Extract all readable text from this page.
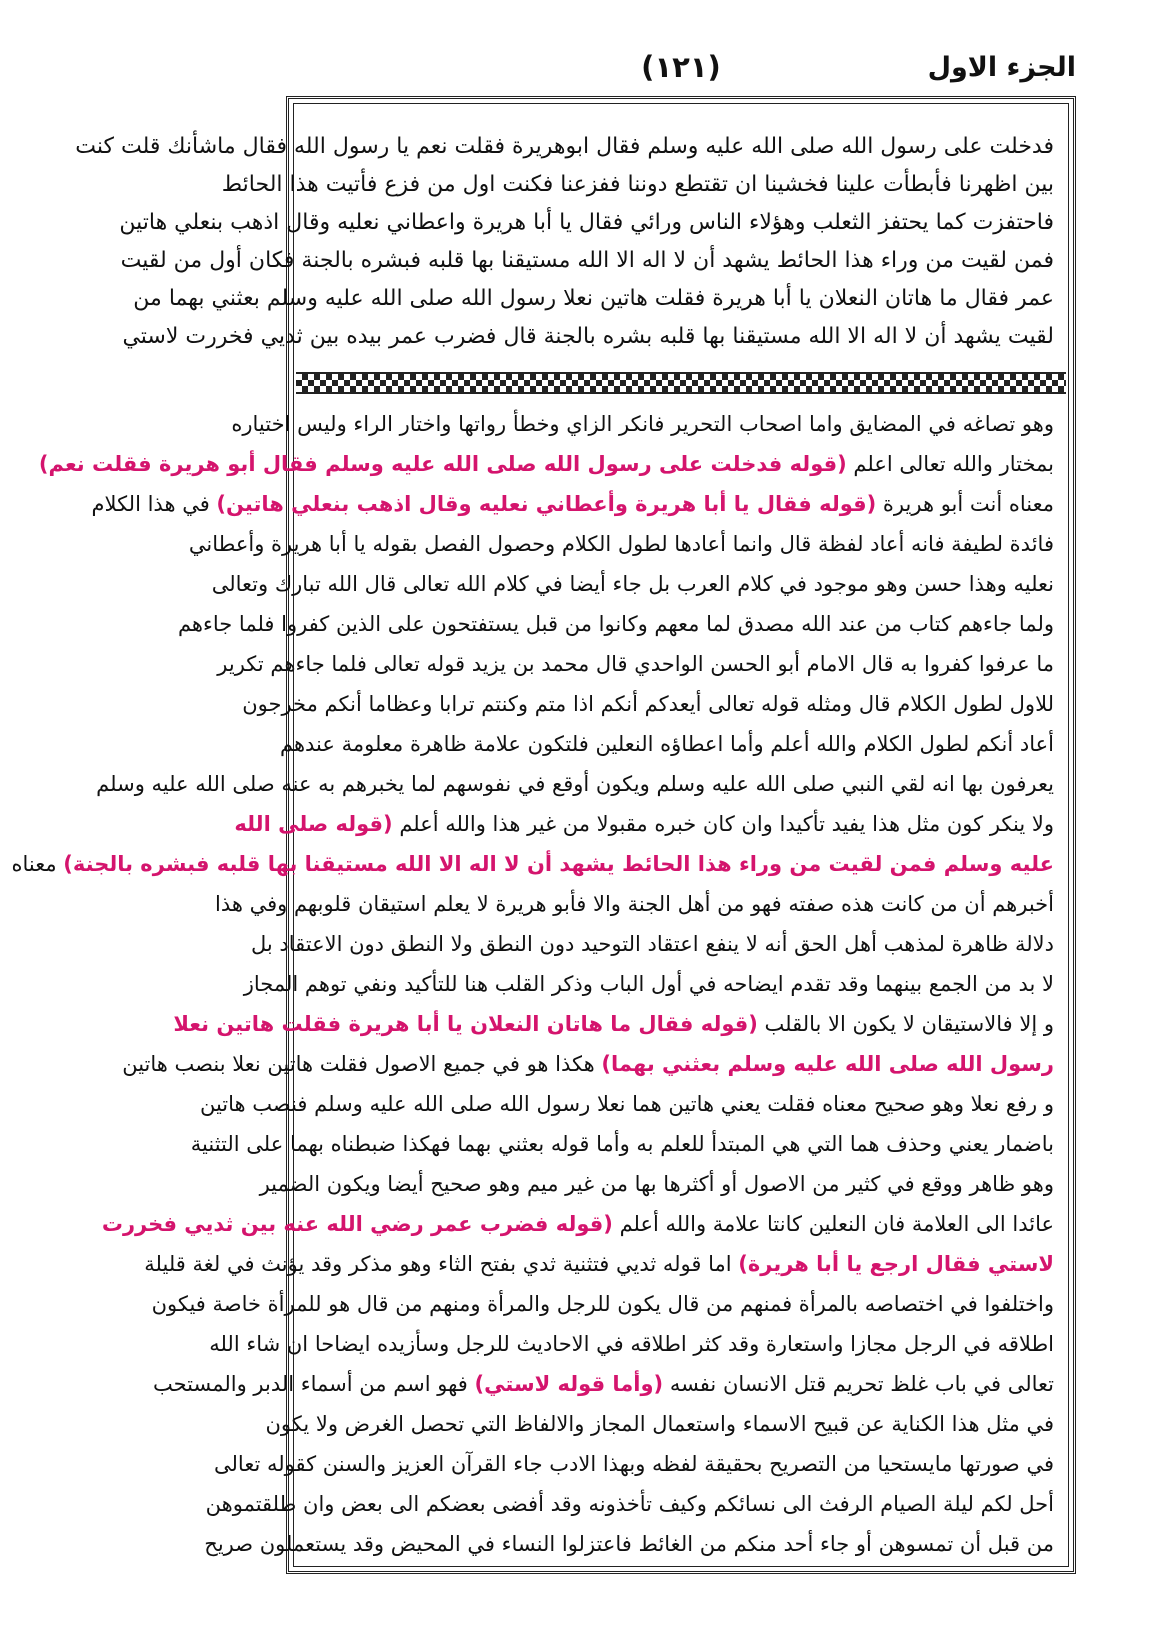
الجزء الاول
(١٢١)
فدخلت على رسول الله صلى الله عليه وسلم فقال ابوهريرة فقلت نعم يا رسول الله فقال ماشأنك قلت كنت
بين اظهرنا فأبطأت علينا فخشينا ان تقتطع دوننا ففزعنا فكنت اول من فزع فأتيت هذا الحائط
فاحتفزت كما يحتفز الثعلب وهؤلاء الناس ورائي فقال يا أبا هريرة واعطاني نعليه وقال اذهب بنعلي هاتين
فمن لقيت من وراء هذا الحائط يشهد أن لا اله الا الله مستيقنا بها قلبه فبشره بالجنة فكان أول من لقيت
عمر فقال ما هاتان النعلان يا أبا هريرة فقلت هاتين نعلا رسول الله صلى الله عليه وسلم بعثني بهما من
لقيت يشهد أن لا اله الا الله مستيقنا بها قلبه بشره بالجنة قال فضرب عمر بيده بين ثديي فخررت لاستي
وهو تصاغه في المضايق واما اصحاب التحرير فانكر الزاي وخطأ رواتها واختار الراء وليس اختياره
بمختار والله تعالى اعلم (قوله فدخلت على رسول الله صلى الله عليه وسلم فقال أبو هريرة فقلت نعم)
معناه أنت أبو هريرة (قوله فقال يا أبا هريرة وأعطاني نعليه وقال اذهب بنعلي هاتين) في هذا الكلام
فائدة لطيفة فانه أعاد لفظة قال وانما أعادها لطول الكلام وحصول الفصل بقوله يا أبا هريرة وأعطاني
نعليه وهذا حسن وهو موجود في كلام العرب بل جاء أيضا في كلام الله تعالى قال الله تبارك وتعالى
ولما جاءهم كتاب من عند الله مصدق لما معهم وكانوا من قبل يستفتحون على الذين كفروا فلما جاءهم
ما عرفوا كفروا به قال الامام أبو الحسن الواحدي قال محمد بن يزيد قوله تعالى فلما جاءهم تكرير
للاول لطول الكلام قال ومثله قوله تعالى أيعدكم أنكم اذا متم وكنتم ترابا وعظاما أنكم مخرجون
أعاد أنكم لطول الكلام والله أعلم وأما اعطاؤه النعلين فلتكون علامة ظاهرة معلومة عندهم
يعرفون بها انه لقي النبي صلى الله عليه وسلم ويكون أوقع في نفوسهم لما يخبرهم به عنه صلى الله عليه وسلم
ولا ينكر كون مثل هذا يفيد تأكيدا وان كان خبره مقبولا من غير هذا والله أعلم (قوله صلى الله
عليه وسلم فمن لقيت من وراء هذا الحائط يشهد أن لا اله الا الله مستيقنا بها قلبه فبشره بالجنة) معناه
أخبرهم أن من كانت هذه صفته فهو من أهل الجنة والا فأبو هريرة لا يعلم استيقان قلوبهم وفي هذا
دلالة ظاهرة لمذهب أهل الحق أنه لا ينفع اعتقاد التوحيد دون النطق ولا النطق دون الاعتقاد بل
لا بد من الجمع بينهما وقد تقدم ايضاحه في أول الباب وذكر القلب هنا للتأكيد ونفي توهم المجاز
و إلا فالاستيقان لا يكون الا بالقلب (قوله فقال ما هاتان النعلان يا أبا هريرة فقلت هاتين نعلا
رسول الله صلى الله عليه وسلم بعثني بهما) هكذا هو في جميع الاصول فقلت هاتين نعلا بنصب هاتين
و رفع نعلا وهو صحيح معناه فقلت يعني هاتين هما نعلا رسول الله صلى الله عليه وسلم فنصب هاتين
باضمار يعني وحذف هما التي هي المبتدأ للعلم به وأما قوله بعثني بهما فهكذا ضبطناه بهما على التثنية
وهو ظاهر ووقع في كثير من الاصول أو أكثرها بها من غير ميم وهو صحيح أيضا ويكون الضمير
عائدا الى العلامة فان النعلين كانتا علامة والله أعلم (قوله فضرب عمر رضي الله عنه بين ثديي فخررت
لاستي فقال ارجع يا أبا هريرة) اما قوله ثديي فتثنية ثدي بفتح الثاء وهو مذكر وقد يؤنث في لغة قليلة
واختلفوا في اختصاصه بالمرأة فمنهم من قال يكون للرجل والمرأة ومنهم من قال هو للمرأة خاصة فيكون
اطلاقه في الرجل مجازا واستعارة وقد كثر اطلاقه في الاحاديث للرجل وسأزيده ايضاحا ان شاء الله
تعالى في باب غلظ تحريم قتل الانسان نفسه (وأما قوله لاستي) فهو اسم من أسماء الدبر والمستحب
في مثل هذا الكناية عن قبيح الاسماء واستعمال المجاز والالفاظ التي تحصل الغرض ولا يكون
في صورتها مايستحيا من التصريح بحقيقة لفظه وبهذا الادب جاء القرآن العزيز والسنن كقوله تعالى
أحل لكم ليلة الصيام الرفث الى نسائكم وكيف تأخذونه وقد أفضى بعضكم الى بعض وان طلقتموهن
من قبل أن تمسوهن أو جاء أحد منكم من الغائط فاعتزلوا النساء في المحيض وقد يستعملون صريح
